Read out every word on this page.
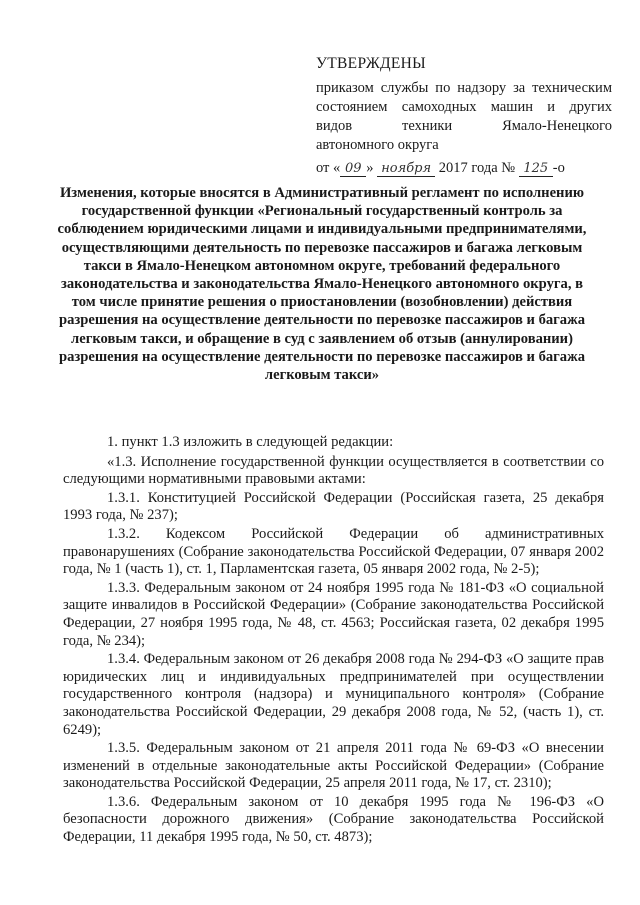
УТВЕРЖДЕНЫ
приказом службы по надзору за техническим
состоянием самоходных машин и других
видов техники Ямало-Ненецкого
автономного округа
от « 09 » ноября 2017 года № 125 -о

Изменения, которые вносятся в Административный регламент по исполнению государственной функции «Региональный государственный контроль за соблюдением юридическими лицами и индивидуальными предпринимателями, осуществляющими деятельность по перевозке пассажиров и багажа легковым такси в Ямало-Ненецком автономном округе, требований федерального законодательства и законодательства Ямало-Ненецкого автономного округа, в том числе принятие решения о приостановлении (возобновлении) действия разрешения на осуществление деятельности по перевозке пассажиров и багажа легковым такси, и обращение в суд с заявлением об отзыв (аннулировании) разрешения на осуществление деятельности по перевозке пассажиров и багажа легковым такси»

1. пункт 1.3 изложить в следующей редакции:

«1.3. Исполнение государственной функции осуществляется в соответствии со следующими нормативными правовыми актами:

1.3.1. Конституцией Российской Федерации (Российская газета, 25 декабря 1993 года, № 237);

1.3.2. Кодексом Российской Федерации об административных правонарушениях (Собрание законодательства Российской Федерации, 07 января 2002 года, № 1 (часть 1), ст. 1, Парламентская газета, 05 января 2002 года, № 2-5);

1.3.3. Федеральным законом от 24 ноября 1995 года № 181-ФЗ «О социальной защите инвалидов в Российской Федерации» (Собрание законодательства Российской Федерации, 27 ноября 1995 года, № 48, ст. 4563; Российская газета, 02 декабря 1995 года, № 234);

1.3.4. Федеральным законом от 26 декабря 2008 года № 294-ФЗ «О защите прав юридических лиц и индивидуальных предпринимателей при осуществлении государственного контроля (надзора) и муниципального контроля» (Собрание законодательства Российской Федерации, 29 декабря 2008 года, № 52, (часть 1), ст. 6249);

1.3.5. Федеральным законом от 21 апреля 2011 года № 69-ФЗ «О внесении изменений в отдельные законодательные акты Российской Федерации» (Собрание законодательства Российской Федерации, 25 апреля 2011 года, № 17, ст. 2310);

1.3.6. Федеральным законом от 10 декабря 1995 года № 196-ФЗ «О безопасности дорожного движения» (Собрание законодательства Российской Федерации, 11 декабря 1995 года, № 50, ст. 4873);
